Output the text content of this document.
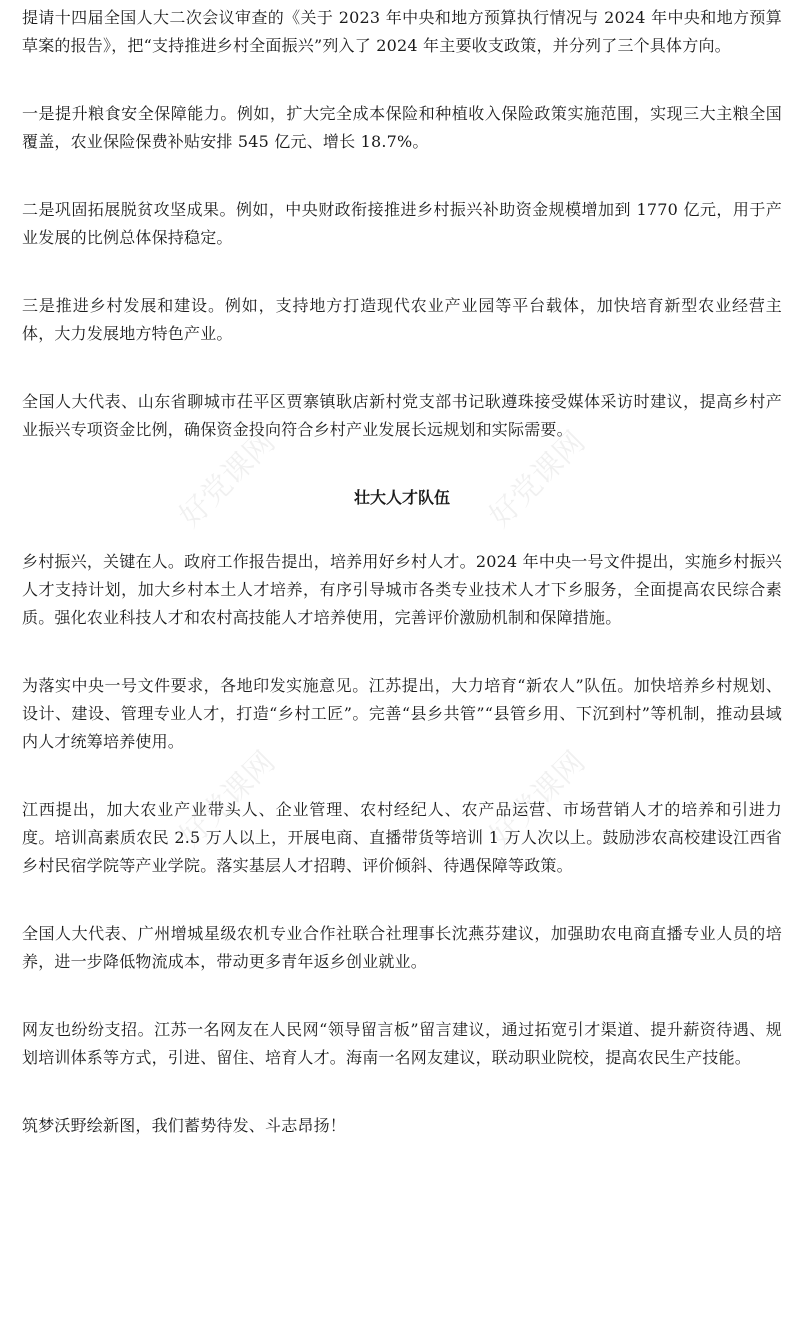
好党课网	好党课网
好党课网	好党课网

提请十四届全国人大二次会议审查的《关于 2023 年中央和地方预算执行情况与 2024 年中央和地方预算草案的报告》，把“支持推进乡村全面振兴”列入了 2024 年主要收支政策，并分列了三个具体方向。

一是提升粮食安全保障能力。例如，扩大完全成本保险和种植收入保险政策实施范围，实现三大主粮全国覆盖，农业保险保费补贴安排 545 亿元、增长 18.7%。

二是巩固拓展脱贫攻坚成果。例如，中央财政衔接推进乡村振兴补助资金规模增加到 1770 亿元，用于产业发展的比例总体保持稳定。

三是推进乡村发展和建设。例如，支持地方打造现代农业产业园等平台载体，加快培育新型农业经营主体，大力发展地方特色产业。

全国人大代表、山东省聊城市茌平区贾寨镇耿店新村党支部书记耿遵珠接受媒体采访时建议，提高乡村产业振兴专项资金比例，确保资金投向符合乡村产业发展长远规划和实际需要。

壮大人才队伍

乡村振兴，关键在人。政府工作报告提出，培养用好乡村人才。2024 年中央一号文件提出，实施乡村振兴人才支持计划，加大乡村本土人才培养，有序引导城市各类专业技术人才下乡服务，全面提高农民综合素质。强化农业科技人才和农村高技能人才培养使用，完善评价激励机制和保障措施。

为落实中央一号文件要求，各地印发实施意见。江苏提出，大力培育“新农人”队伍。加快培养乡村规划、设计、建设、管理专业人才，打造“乡村工匠”。完善“县乡共管”“县管乡用、下沉到村”等机制，推动县域内人才统筹培养使用。

江西提出，加大农业产业带头人、企业管理、农村经纪人、农产品运营、市场营销人才的培养和引进力度。培训高素质农民 2.5 万人以上，开展电商、直播带货等培训 1 万人次以上。鼓励涉农高校建设江西省乡村民宿学院等产业学院。落实基层人才招聘、评价倾斜、待遇保障等政策。

全国人大代表、广州增城星级农机专业合作社联合社理事长沈燕芬建议，加强助农电商直播专业人员的培养，进一步降低物流成本，带动更多青年返乡创业就业。

网友也纷纷支招。江苏一名网友在人民网“领导留言板”留言建议，通过拓宽引才渠道、提升薪资待遇、规划培训体系等方式，引进、留住、培育人才。海南一名网友建议，联动职业院校，提高农民生产技能。

筑梦沃野绘新图，我们蓄势待发、斗志昂扬！
